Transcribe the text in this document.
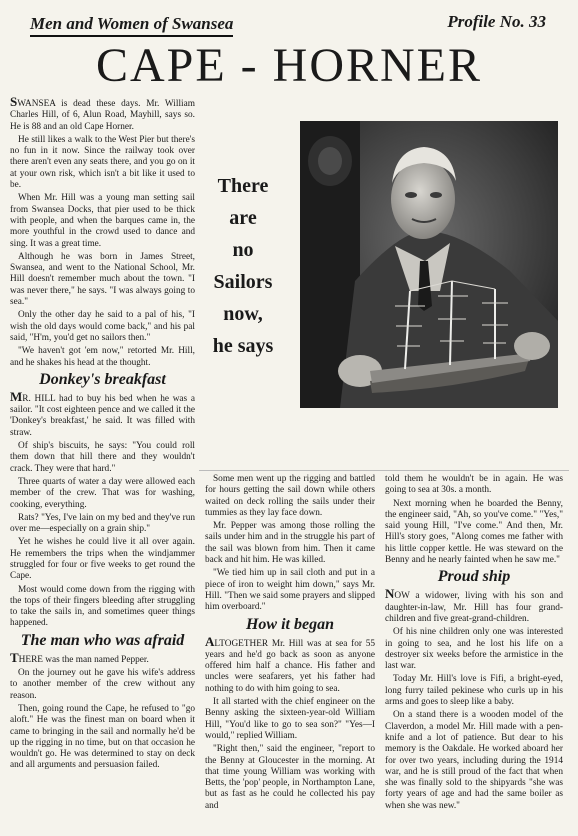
Men and Women of Swansea	Profile No. 33
CAPE - HORNER

SWANSEA is dead these days. Mr. William Charles Hill, of 6, Alun Road, Mayhill, says so. He is 88 and an old Cape Horner.

He still likes a walk to the West Pier but there's no fun in it now. Since the railway took over there aren't even any seats there, and you go on it at your own risk, which isn't a bit like it used to be.

When Mr. Hill was a young man setting sail from Swansea Docks, that pier used to be thick with people, and when the barques came in, the more youthful in the crowd used to dance and sing. It was a great time.

Although he was born in James Street, Swansea, and went to the National School, Mr. Hill doesn't remember much about the town. "I was never there," he says. "I was always going to sea."

Only the other day he said to a pal of his, "I wish the old days would come back," and his pal said, "H'm, you'd get no sailors then."

"We haven't got 'em now," retorted Mr. Hill, and he shakes his head at the thought.

Donkey's breakfast

MR. HILL had to buy his bed when he was a sailor. "It cost eighteen pence and we called it the 'Donkey's breakfast,' he said. It was filled with straw.

Of ship's biscuits, he says: "You could roll them down that hill there and they wouldn't crack. They were that hard."

Three quarts of water a day were allowed each member of the crew. That was for washing, cooking, everything.

Rats? "Yes, I've lain on my bed and they've run over me—especially on a grain ship."

Yet he wishes he could live it all over again. He remembers the trips when the windjammer struggled for four or five weeks to get round the Cape.

Most would come down from the rigging with the tops of their fingers bleeding after struggling to take the sails in, and sometimes queer things happened.

The man who was afraid

THERE was the man named Pepper.

On the journey out he gave his wife's address to another member of the crew without any reason.

Then, going round the Cape, he refused to "go aloft." He was the finest man on board when it came to bringing in the sail and normally he'd be up the rigging in no time, but on that occasion he wouldn't go. He was determined to stay on deck and all arguments and persuasion failed.

There
are
no
Sailors
now,
he says

Some men went up the rigging and battled for hours getting the sail down while others waited on deck rolling the sails under their tummies as they lay face down.

Mr. Pepper was among those rolling the sails under him and in the struggle his part of the sail was blown from him. Then it came back and hit him. He was killed.

"We tied him up in sail cloth and put in a piece of iron to weight him down," says Mr. Hill. "Then we said some prayers and slipped him overboard."

How it began

ALTOGETHER Mr. Hill was at sea for 55 years and he'd go back as soon as anyone offered him half a chance. His father and uncles were seafarers, yet his father had nothing to do with him going to sea.

It all started with the chief engineer on the Benny asking the sixteen-year-old William Hill, "You'd like to go to sea son?" "Yes—I would," replied William.

"Right then," said the engineer, "report to the Benny at Gloucester in the morning. At that time young William was working with Betts, the 'pop' people, in Northampton Lane, but as fast as he could he collected his pay and

told them he wouldn't be in again. He was going to sea at 30s. a month.

Next morning when he boarded the Benny, the engineer said, "Ah, so you've come." "Yes," said young Hill, "I've come." And then, Mr. Hill's story goes, "Along comes me father with his little copper kettle. He was steward on the Benny and he nearly fainted when he saw me."

Proud ship

NOW a widower, living with his son and daughter-in-law, Mr. Hill has four grand-children and five great-grand-children.

Of his nine children only one was interested in going to sea, and he lost his life on a destroyer six weeks before the armistice in the last war.

Today Mr. Hill's love is Fifi, a bright-eyed, long furry tailed pekinese who curls up in his arms and goes to sleep like a baby.

On a stand there is a wooden model of the Claverdon, a model Mr. Hill made with a pen-knife and a lot of patience. But dear to his memory is the Oakdale. He worked aboard her for over two years, including during the 1914 war, and he is still proud of the fact that when she was finally sold to the shipyards "she was forty years of age and had the same boiler as when she was new."
